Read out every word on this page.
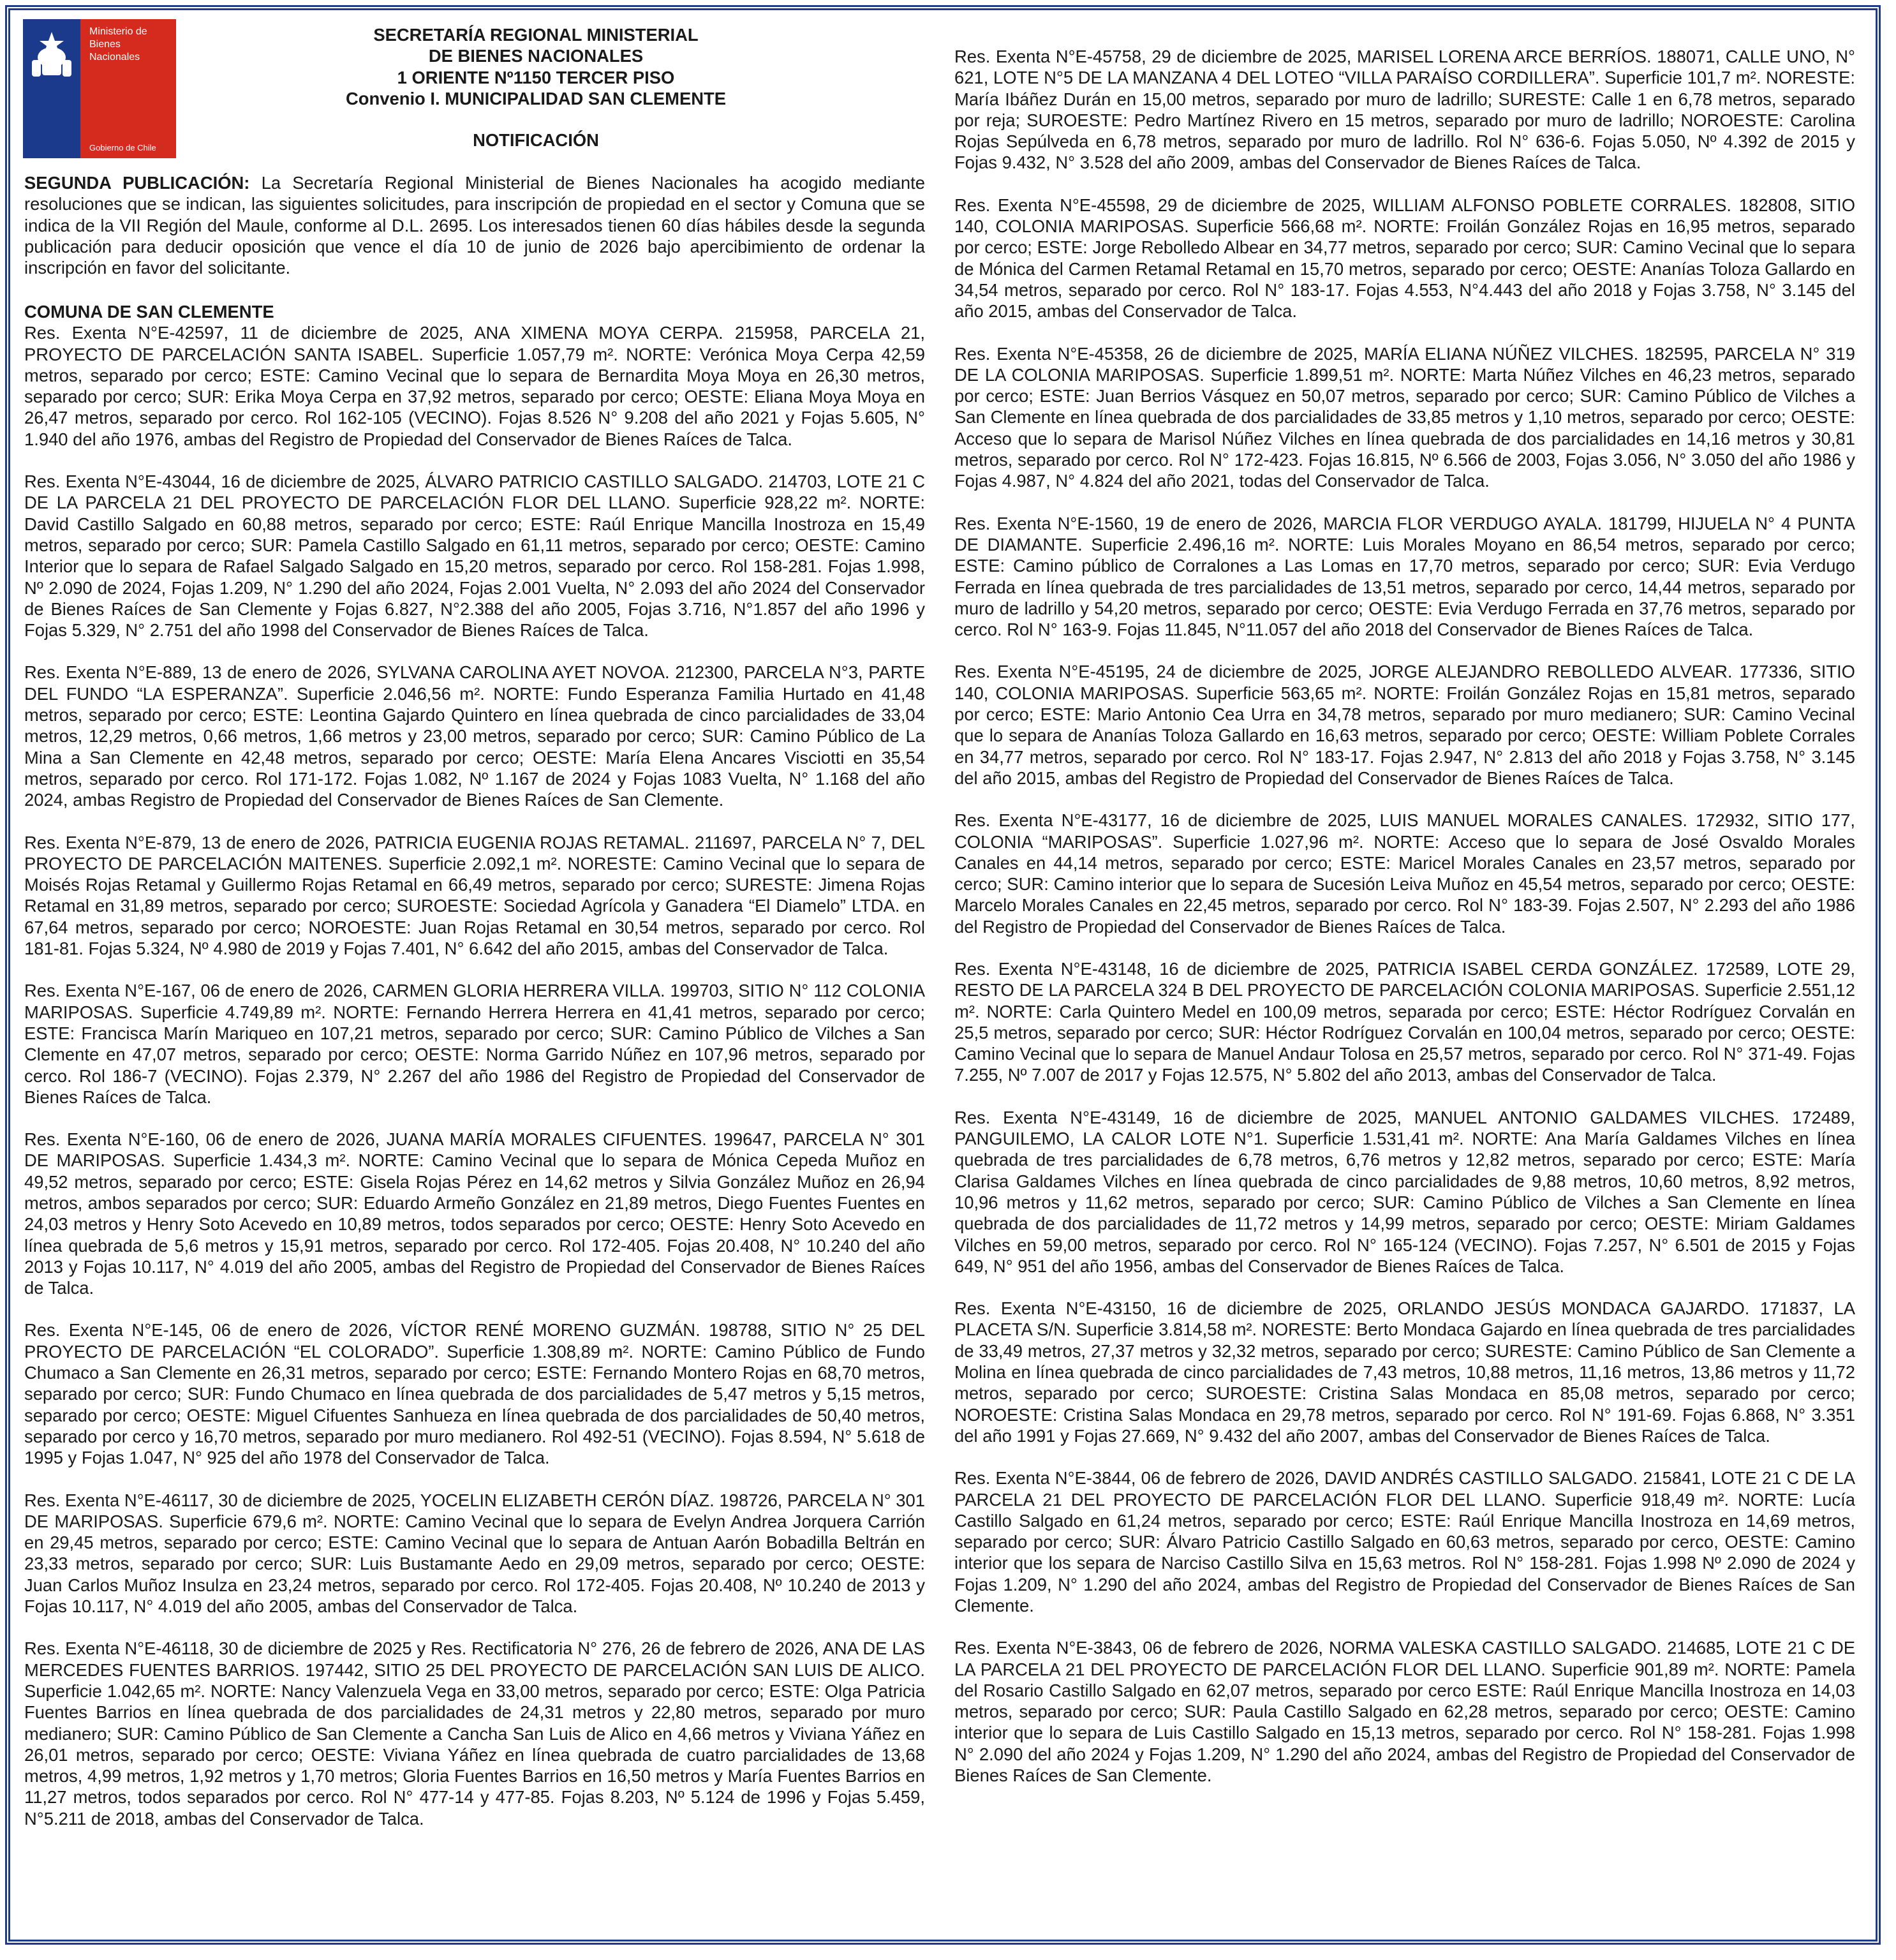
Ministerio de
Bienes
Nacionales
Gobierno de Chile
SECRETARÍA REGIONAL MINISTERIAL
DE BIENES NACIONALES
1 ORIENTE Nº1150 TERCER PISO
Convenio I. MUNICIPALIDAD SAN CLEMENTE
NOTIFICACIÓN
SEGUNDA PUBLICACIÓN: La Secretaría Regional Ministerial de Bienes Nacionales ha acogido mediante resoluciones que se indican, las siguientes solicitudes, para inscripción de propiedad en el sector y Comuna que se indica de la VII Región del Maule, conforme al D.L. 2695. Los interesados tienen 60 días hábiles desde la segunda publicación para deducir oposición que vence el día 10 de junio de 2026 bajo apercibimiento de ordenar la inscripción en favor del solicitante.
COMUNA DE SAN CLEMENTE

Res. Exenta N°E-42597, 11 de diciembre de 2025, ANA XIMENA MOYA CERPA. 215958, PARCELA 21, PROYECTO DE PARCELACIÓN SANTA ISABEL. Superficie 1.057,79 m². NORTE: Verónica Moya Cerpa 42,59 metros, separado por cerco; ESTE: Camino Vecinal que lo separa de Bernardita Moya Moya en 26,30 metros, separado por cerco; SUR: Erika Moya Cerpa en 37,92 metros, separado por cerco; OESTE: Eliana Moya Moya en 26,47 metros, separado por cerco. Rol 162-105 (VECINO). Fojas 8.526 N° 9.208 del año 2021 y Fojas 5.605, N° 1.940 del año 1976, ambas del Registro de Propiedad del Conservador de Bienes Raíces de Talca.

Res. Exenta N°E-43044, 16 de diciembre de 2025, ÁLVARO PATRICIO CASTILLO SALGADO. 214703, LOTE 21 C DE LA PARCELA 21 DEL PROYECTO DE PARCELACIÓN FLOR DEL LLANO. Superficie 928,22 m². NORTE: David Castillo Salgado en 60,88 metros, separado por cerco; ESTE: Raúl Enrique Mancilla Inostroza en 15,49 metros, separado por cerco; SUR: Pamela Castillo Salgado en 61,11 metros, separado por cerco; OESTE: Camino Interior que lo separa de Rafael Salgado Salgado en 15,20 metros, separado por cerco. Rol 158-281. Fojas 1.998, Nº 2.090 de 2024, Fojas 1.209, N° 1.290 del año 2024, Fojas 2.001 Vuelta, N° 2.093 del año 2024 del Conservador de Bienes Raíces de San Clemente y Fojas 6.827, N°2.388 del año 2005, Fojas 3.716, N°1.857 del año 1996 y Fojas 5.329, N° 2.751 del año 1998 del Conservador de Bienes Raíces de Talca.

Res. Exenta N°E-889, 13 de enero de 2026, SYLVANA CAROLINA AYET NOVOA. 212300, PARCELA N°3, PARTE DEL FUNDO “LA ESPERANZA”. Superficie 2.046,56 m². NORTE: Fundo Esperanza Familia Hurtado en 41,48 metros, separado por cerco; ESTE: Leontina Gajardo Quintero en línea quebrada de cinco parcialidades de 33,04 metros, 12,29 metros, 0,66 metros, 1,66 metros y 23,00 metros, separado por cerco; SUR: Camino Público de La Mina a San Clemente en 42,48 metros, separado por cerco; OESTE: María Elena Ancares Visciotti en 35,54 metros, separado por cerco. Rol 171-172. Fojas 1.082, Nº 1.167 de 2024 y Fojas 1083 Vuelta, N° 1.168 del año 2024, ambas Registro de Propiedad del Conservador de Bienes Raíces de San Clemente.

Res. Exenta N°E-879, 13 de enero de 2026, PATRICIA EUGENIA ROJAS RETAMAL. 211697, PARCELA N° 7, DEL PROYECTO DE PARCELACIÓN MAITENES. Superficie 2.092,1 m². NORESTE: Camino Vecinal que lo separa de Moisés Rojas Retamal y Guillermo Rojas Retamal en 66,49 metros, separado por cerco; SURESTE: Jimena Rojas Retamal en 31,89 metros, separado por cerco; SUROESTE: Sociedad Agrícola y Ganadera “El Diamelo” LTDA. en 67,64 metros, separado por cerco; NOROESTE: Juan Rojas Retamal en 30,54 metros, separado por cerco. Rol 181-81. Fojas 5.324, Nº 4.980 de 2019 y Fojas 7.401, N° 6.642 del año 2015, ambas del Conservador de Talca.

Res. Exenta N°E-167, 06 de enero de 2026, CARMEN GLORIA HERRERA VILLA. 199703, SITIO N° 112 COLONIA MARIPOSAS. Superficie 4.749,89 m². NORTE: Fernando Herrera Herrera en 41,41 metros, separado por cerco; ESTE: Francisca Marín Mariqueo en 107,21 metros, separado por cerco; SUR: Camino Público de Vilches a San Clemente en 47,07 metros, separado por cerco; OESTE: Norma Garrido Núñez en 107,96 metros, separado por cerco. Rol 186-7 (VECINO). Fojas 2.379, N° 2.267 del año 1986 del Registro de Propiedad del Conservador de Bienes Raíces de Talca.

Res. Exenta N°E-160, 06 de enero de 2026, JUANA MARÍA MORALES CIFUENTES. 199647, PARCELA N° 301 DE MARIPOSAS. Superficie 1.434,3 m². NORTE: Camino Vecinal que lo separa de Mónica Cepeda Muñoz en 49,52 metros, separado por cerco; ESTE: Gisela Rojas Pérez en 14,62 metros y Silvia González Muñoz en 26,94 metros, ambos separados por cerco; SUR: Eduardo Armeño González en 21,89 metros, Diego Fuentes Fuentes en 24,03 metros y Henry Soto Acevedo en 10,89 metros, todos separados por cerco; OESTE: Henry Soto Acevedo en línea quebrada de 5,6 metros y 15,91 metros, separado por cerco. Rol 172-405. Fojas 20.408, N° 10.240 del año 2013 y Fojas 10.117, N° 4.019 del año 2005, ambas del Registro de Propiedad del Conservador de Bienes Raíces de Talca.

Res. Exenta N°E-145, 06 de enero de 2026, VÍCTOR RENÉ MORENO GUZMÁN. 198788, SITIO N° 25 DEL PROYECTO DE PARCELACIÓN “EL COLORADO”. Superficie 1.308,89 m². NORTE: Camino Público de Fundo Chumaco a San Clemente en 26,31 metros, separado por cerco; ESTE: Fernando Montero Rojas en 68,70 metros, separado por cerco; SUR: Fundo Chumaco en línea quebrada de dos parcialidades de 5,47 metros y 5,15 metros, separado por cerco; OESTE: Miguel Cifuentes Sanhueza en línea quebrada de dos parcialidades de 50,40 metros, separado por cerco y 16,70 metros, separado por muro medianero. Rol 492-51 (VECINO). Fojas 8.594, N° 5.618 de 1995 y Fojas 1.047, N° 925 del año 1978 del Conservador de Talca.

Res. Exenta N°E-46117, 30 de diciembre de 2025, YOCELIN ELIZABETH CERÓN DÍAZ. 198726, PARCELA N° 301 DE MARIPOSAS. Superficie 679,6 m². NORTE: Camino Vecinal que lo separa de Evelyn Andrea Jorquera Carrión en 29,45 metros, separado por cerco; ESTE: Camino Vecinal que lo separa de Antuan Aarón Bobadilla Beltrán en 23,33 metros, separado por cerco; SUR: Luis Bustamante Aedo en 29,09 metros, separado por cerco; OESTE: Juan Carlos Muñoz Insulza en 23,24 metros, separado por cerco. Rol 172-405. Fojas 20.408, Nº 10.240 de 2013 y Fojas 10.117, N° 4.019 del año 2005, ambas del Conservador de Talca.

Res. Exenta N°E-46118, 30 de diciembre de 2025 y Res. Rectificatoria N° 276, 26 de febrero de 2026, ANA DE LAS MERCEDES FUENTES BARRIOS. 197442, SITIO 25 DEL PROYECTO DE PARCELACIÓN SAN LUIS DE ALICO. Superficie 1.042,65 m². NORTE: Nancy Valenzuela Vega en 33,00 metros, separado por cerco; ESTE: Olga Patricia Fuentes Barrios en línea quebrada de dos parcialidades de 24,31 metros y 22,80 metros, separado por muro medianero; SUR: Camino Público de San Clemente a Cancha San Luis de Alico en 4,66 metros y Viviana Yáñez en 26,01 metros, separado por cerco; OESTE: Viviana Yáñez en línea quebrada de cuatro parcialidades de 13,68 metros, 4,99 metros, 1,92 metros y 1,70 metros; Gloria Fuentes Barrios en 16,50 metros y María Fuentes Barrios en 11,27 metros, todos separados por cerco. Rol N° 477-14 y 477-85. Fojas 8.203, Nº 5.124 de 1996 y Fojas 5.459, N°5.211 de 2018, ambas del Conservador de Talca.

Res. Exenta N°E-45758, 29 de diciembre de 2025, MARISEL LORENA ARCE BERRÍOS. 188071, CALLE UNO, N° 621, LOTE N°5 DE LA MANZANA 4 DEL LOTEO “VILLA PARAÍSO CORDILLERA”. Superficie 101,7 m². NORESTE: María Ibáñez Durán en 15,00 metros, separado por muro de ladrillo; SURESTE: Calle 1 en 6,78 metros, separado por reja; SUROESTE: Pedro Martínez Rivero en 15 metros, separado por muro de ladrillo; NOROESTE: Carolina Rojas Sepúlveda en 6,78 metros, separado por muro de ladrillo. Rol N° 636-6. Fojas 5.050, Nº 4.392 de 2015 y Fojas 9.432, N° 3.528 del año 2009, ambas del Conservador de Bienes Raíces de Talca.

Res. Exenta N°E-45598, 29 de diciembre de 2025, WILLIAM ALFONSO POBLETE CORRALES. 182808, SITIO 140, COLONIA MARIPOSAS. Superficie 566,68 m². NORTE: Froilán González Rojas en 16,95 metros, separado por cerco; ESTE: Jorge Rebolledo Albear en 34,77 metros, separado por cerco; SUR: Camino Vecinal que lo separa de Mónica del Carmen Retamal Retamal en 15,70 metros, separado por cerco; OESTE: Ananías Toloza Gallardo en 34,54 metros, separado por cerco. Rol N° 183-17. Fojas 4.553, N°4.443 del año 2018 y Fojas 3.758, N° 3.145 del año 2015, ambas del Conservador de Talca.

Res. Exenta N°E-45358, 26 de diciembre de 2025, MARÍA ELIANA NÚÑEZ VILCHES. 182595, PARCELA N° 319 DE LA COLONIA MARIPOSAS. Superficie 1.899,51 m². NORTE: Marta Núñez Vilches en 46,23 metros, separado por cerco; ESTE: Juan Berrios Vásquez en 50,07 metros, separado por cerco; SUR: Camino Público de Vilches a San Clemente en línea quebrada de dos parcialidades de 33,85 metros y 1,10 metros, separado por cerco; OESTE: Acceso que lo separa de Marisol Núñez Vilches en línea quebrada de dos parcialidades en 14,16 metros y 30,81 metros, separado por cerco. Rol N° 172-423. Fojas 16.815, Nº 6.566 de 2003, Fojas 3.056, N° 3.050 del año 1986 y Fojas 4.987, N° 4.824 del año 2021, todas del Conservador de Talca.

Res. Exenta N°E-1560, 19 de enero de 2026, MARCIA FLOR VERDUGO AYALA. 181799, HIJUELA N° 4 PUNTA DE DIAMANTE. Superficie 2.496,16 m². NORTE: Luis Morales Moyano en 86,54 metros, separado por cerco; ESTE: Camino público de Corralones a Las Lomas en 17,70 metros, separado por cerco; SUR: Evia Verdugo Ferrada en línea quebrada de tres parcialidades de 13,51 metros, separado por cerco, 14,44 metros, separado por muro de ladrillo y 54,20 metros, separado por cerco; OESTE: Evia Verdugo Ferrada en 37,76 metros, separado por cerco. Rol N° 163-9. Fojas 11.845, N°11.057 del año 2018 del Conservador de Bienes Raíces de Talca.

Res. Exenta N°E-45195, 24 de diciembre de 2025, JORGE ALEJANDRO REBOLLEDO ALVEAR. 177336, SITIO 140, COLONIA MARIPOSAS. Superficie 563,65 m². NORTE: Froilán González Rojas en 15,81 metros, separado por cerco; ESTE: Mario Antonio Cea Urra en 34,78 metros, separado por muro medianero; SUR: Camino Vecinal que lo separa de Ananías Toloza Gallardo en 16,63 metros, separado por cerco; OESTE: William Poblete Corrales en 34,77 metros, separado por cerco. Rol N° 183-17. Fojas 2.947, N° 2.813 del año 2018 y Fojas 3.758, N° 3.145 del año 2015, ambas del Registro de Propiedad del Conservador de Bienes Raíces de Talca.

Res. Exenta N°E-43177, 16 de diciembre de 2025, LUIS MANUEL MORALES CANALES. 172932, SITIO 177, COLONIA “MARIPOSAS”. Superficie 1.027,96 m². NORTE: Acceso que lo separa de José Osvaldo Morales Canales en 44,14 metros, separado por cerco; ESTE: Maricel Morales Canales en 23,57 metros, separado por cerco; SUR: Camino interior que lo separa de Sucesión Leiva Muñoz en 45,54 metros, separado por cerco; OESTE: Marcelo Morales Canales en 22,45 metros, separado por cerco. Rol N° 183-39. Fojas 2.507, N° 2.293 del año 1986 del Registro de Propiedad del Conservador de Bienes Raíces de Talca.

Res. Exenta N°E-43148, 16 de diciembre de 2025, PATRICIA ISABEL CERDA GONZÁLEZ. 172589, LOTE 29, RESTO DE LA PARCELA 324 B DEL PROYECTO DE PARCELACIÓN COLONIA MARIPOSAS. Superficie 2.551,12 m². NORTE: Carla Quintero Medel en 100,09 metros, separada por cerco; ESTE: Héctor Rodríguez Corvalán en 25,5 metros, separado por cerco; SUR: Héctor Rodríguez Corvalán en 100,04 metros, separado por cerco; OESTE: Camino Vecinal que lo separa de Manuel Andaur Tolosa en 25,57 metros, separado por cerco. Rol N° 371-49. Fojas 7.255, Nº 7.007 de 2017 y Fojas 12.575, N° 5.802 del año 2013, ambas del Conservador de Talca.

Res. Exenta N°E-43149, 16 de diciembre de 2025, MANUEL ANTONIO GALDAMES VILCHES. 172489, PANGUILEMO, LA CALOR LOTE N°1. Superficie 1.531,41 m². NORTE: Ana María Galdames Vilches en línea quebrada de tres parcialidades de 6,78 metros, 6,76 metros y 12,82 metros, separado por cerco; ESTE: María Clarisa Galdames Vilches en línea quebrada de cinco parcialidades de 9,88 metros, 10,60 metros, 8,92 metros, 10,96 metros y 11,62 metros, separado por cerco; SUR: Camino Público de Vilches a San Clemente en línea quebrada de dos parcialidades de 11,72 metros y 14,99 metros, separado por cerco; OESTE: Miriam Galdames Vilches en 59,00 metros, separado por cerco. Rol N° 165-124 (VECINO). Fojas 7.257, N° 6.501 de 2015 y Fojas 649, N° 951 del año 1956, ambas del Conservador de Bienes Raíces de Talca.

Res. Exenta N°E-43150, 16 de diciembre de 2025, ORLANDO JESÚS MONDACA GAJARDO. 171837, LA PLACETA S/N. Superficie 3.814,58 m². NORESTE: Berto Mondaca Gajardo en línea quebrada de tres parcialidades de 33,49 metros, 27,37 metros y 32,32 metros, separado por cerco; SURESTE: Camino Público de San Clemente a Molina en línea quebrada de cinco parcialidades de 7,43 metros, 10,88 metros, 11,16 metros, 13,86 metros y 11,72 metros, separado por cerco; SUROESTE: Cristina Salas Mondaca en 85,08 metros, separado por cerco; NOROESTE: Cristina Salas Mondaca en 29,78 metros, separado por cerco. Rol N° 191-69. Fojas 6.868, N° 3.351 del año 1991 y Fojas 27.669, N° 9.432 del año 2007, ambas del Conservador de Bienes Raíces de Talca.

Res. Exenta N°E-3844, 06 de febrero de 2026, DAVID ANDRÉS CASTILLO SALGADO. 215841, LOTE 21 C DE LA PARCELA 21 DEL PROYECTO DE PARCELACIÓN FLOR DEL LLANO. Superficie 918,49 m². NORTE: Lucía Castillo Salgado en 61,24 metros, separado por cerco; ESTE: Raúl Enrique Mancilla Inostroza en 14,69 metros, separado por cerco; SUR: Álvaro Patricio Castillo Salgado en 60,63 metros, separado por cerco, OESTE: Camino interior que los separa de Narciso Castillo Silva en 15,63 metros. Rol N° 158-281. Fojas 1.998 Nº 2.090 de 2024 y Fojas 1.209, N° 1.290 del año 2024, ambas del Registro de Propiedad del Conservador de Bienes Raíces de San Clemente.

Res. Exenta N°E-3843, 06 de febrero de 2026, NORMA VALESKA CASTILLO SALGADO. 214685, LOTE 21 C DE LA PARCELA 21 DEL PROYECTO DE PARCELACIÓN FLOR DEL LLANO. Superficie 901,89 m². NORTE: Pamela del Rosario Castillo Salgado en 62,07 metros, separado por cerco ESTE: Raúl Enrique Mancilla Inostroza en 14,03 metros, separado por cerco; SUR: Paula Castillo Salgado en 62,28 metros, separado por cerco; OESTE: Camino interior que lo separa de Luis Castillo Salgado en 15,13 metros, separado por cerco. Rol N° 158-281. Fojas 1.998 N° 2.090 del año 2024 y Fojas 1.209, N° 1.290 del año 2024, ambas del Registro de Propiedad del Conservador de Bienes Raíces de San Clemente.
